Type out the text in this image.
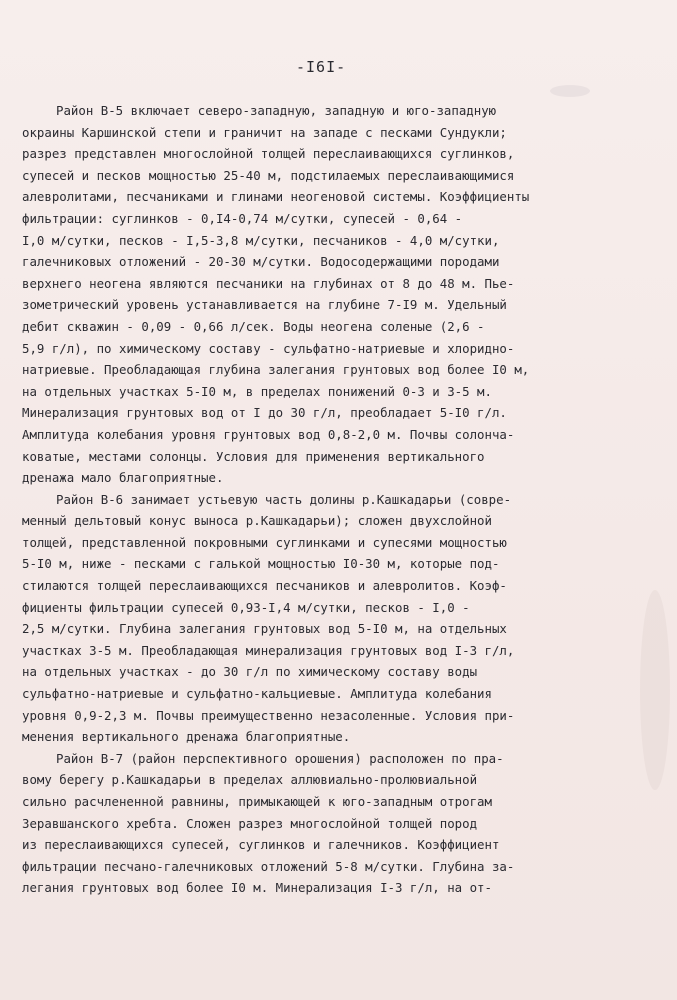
-I6I-
Район В-5 включает северо-западную, западную и юго-западную
окраины Каршинской степи и граничит на западе с песками Сундукли;
разрез представлен многослойной толщей переслаивающихся суглинков,
супесей и песков мощностью 25-40 м, подстилаемых переслаивающимися
алевролитами, песчаниками и глинами неогеновой системы. Коэффициенты
фильтрации: суглинков - 0,I4-0,74 м/сутки, супесей - 0,64 -
I,0 м/сутки, песков - I,5-3,8 м/сутки, песчаников - 4,0 м/сутки,
галечниковых отложений - 20-30 м/сутки. Водосодержащими породами
верхнего неогена являются песчаники на глубинах от 8 до 48 м. Пье-
зометрический уровень устанавливается на глубине 7-I9 м. Удельный
дебит скважин - 0,09 - 0,66 л/сек. Воды неогена соленые (2,6 -
5,9 г/л), по химическому составу - сульфатно-натриевые и хлоридно-
натриевые. Преобладающая глубина залегания грунтовых вод более I0 м,
на отдельных участках 5-I0 м, в пределах понижений 0-3 и 3-5 м.
Минерализация грунтовых вод от I до 30 г/л, преобладает 5-I0 г/л.
Амплитуда колебания уровня грунтовых вод 0,8-2,0 м. Почвы солонча-
коватые, местами солонцы. Условия для применения вертикального
дренажа мало благоприятные.
Район В-6 занимает устьевую часть долины р.Кашкадарьи (совре-
менный дельтовый конус выноса р.Кашкадарьи); сложен двухслойной
толщей, представленной покровными суглинками и супесями мощностью
5-I0 м, ниже - песками с галькой мощностью I0-30 м, которые под-
стилаются толщей переслаивающихся песчаников и алевролитов. Коэф-
фициенты фильтрации супесей 0,93-I,4 м/сутки, песков - I,0 -
2,5 м/сутки. Глубина залегания грунтовых вод 5-I0 м, на отдельных
участках 3-5 м. Преобладающая минерализация грунтовых вод I-3 г/л,
на отдельных участках - до 30 г/л по химическому составу воды
сульфатно-натриевые и сульфатно-кальциевые. Амплитуда колебания
уровня 0,9-2,3 м. Почвы преимущественно незасоленные. Условия при-
менения вертикального дренажа благоприятные.
Район В-7 (район перспективного орошения) расположен по пра-
вому берегу р.Кашкадарьи в пределах аллювиально-пролювиальной
сильно расчлененной равнины, примыкающей к юго-западным отрогам
Зеравшанского хребта. Сложен разрез многослойной толщей пород
из переслаивающихся супесей, суглинков и галечников. Коэффициент
фильтрации песчано-галечниковых отложений 5-8 м/сутки. Глубина за-
легания грунтовых вод более I0 м. Минерализация I-3 г/л, на от-
